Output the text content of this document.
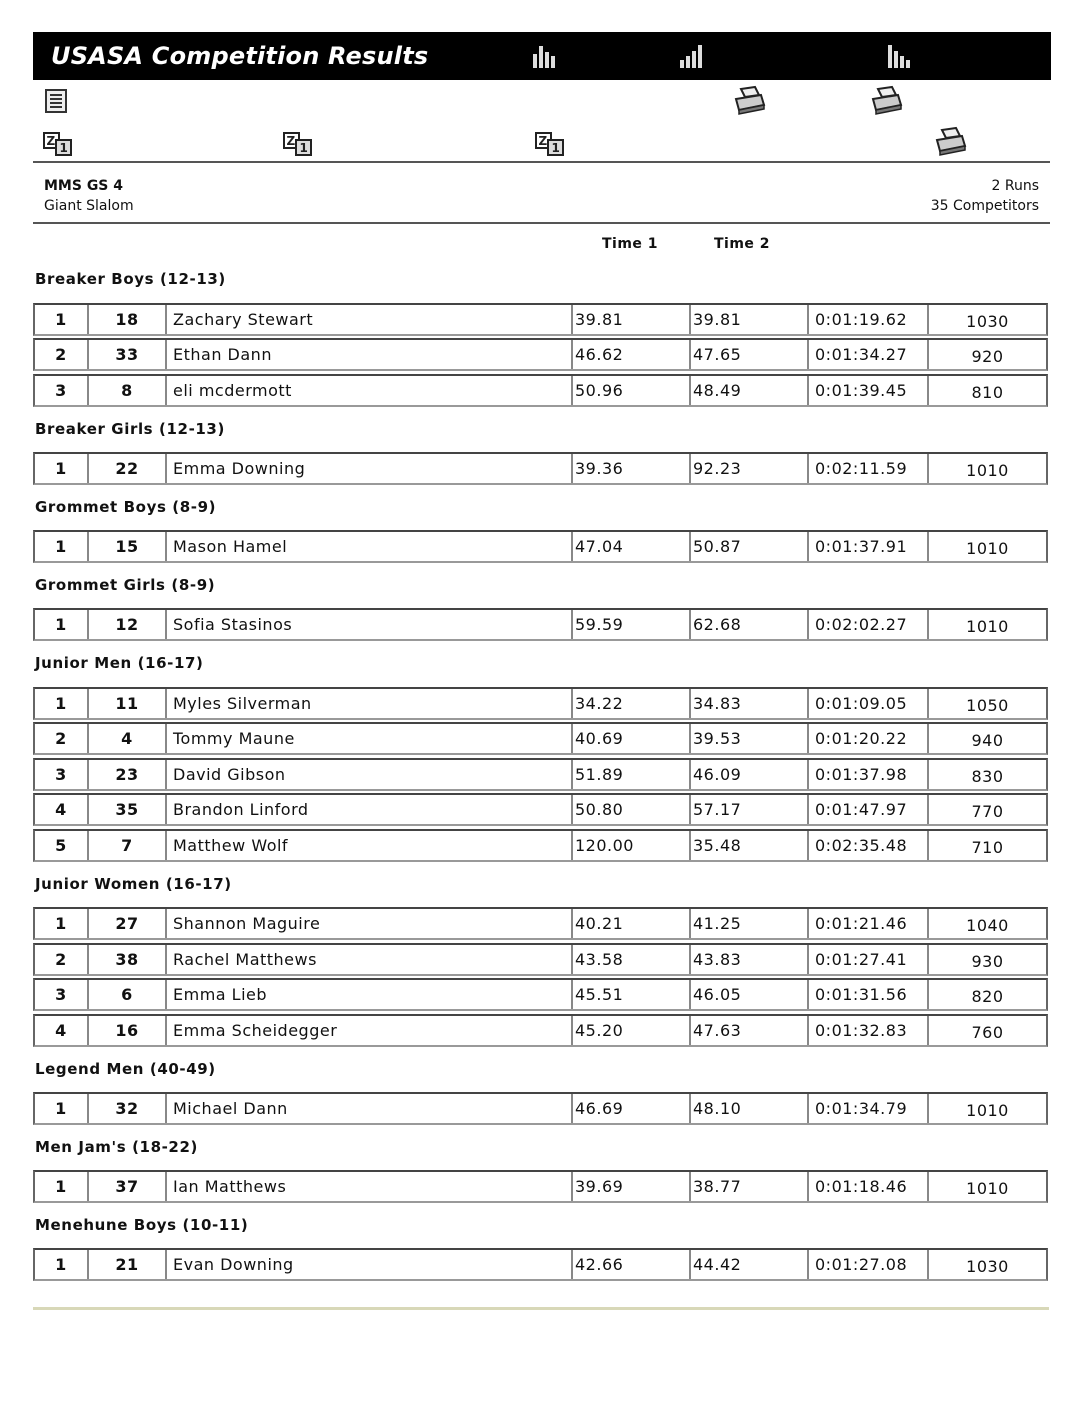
USASA Competition Results
Z 1	Z 1	Z 1
MMS GS 4
Giant Slalom
2 Runs
35 Competitors
Time 1	Time 2
Breaker Boys (12-13)
1	18	Zachary Stewart	39.81	39.81	0:01:19.62	1030
2	33	Ethan Dann	46.62	47.65	0:01:34.27	920
3	8	eli mcdermott	50.96	48.49	0:01:39.45	810
Breaker Girls (12-13)
1	22	Emma Downing	39.36	92.23	0:02:11.59	1010
Grommet Boys (8-9)
1	15	Mason Hamel	47.04	50.87	0:01:37.91	1010
Grommet Girls (8-9)
1	12	Sofia Stasinos	59.59	62.68	0:02:02.27	1010
Junior Men (16-17)
1	11	Myles Silverman	34.22	34.83	0:01:09.05	1050
2	4	Tommy Maune	40.69	39.53	0:01:20.22	940
3	23	David Gibson	51.89	46.09	0:01:37.98	830
4	35	Brandon Linford	50.80	57.17	0:01:47.97	770
5	7	Matthew Wolf	120.00	35.48	0:02:35.48	710
Junior Women (16-17)
1	27	Shannon Maguire	40.21	41.25	0:01:21.46	1040
2	38	Rachel Matthews	43.58	43.83	0:01:27.41	930
3	6	Emma Lieb	45.51	46.05	0:01:31.56	820
4	16	Emma Scheidegger	45.20	47.63	0:01:32.83	760
Legend Men (40-49)
1	32	Michael Dann	46.69	48.10	0:01:34.79	1010
Men Jam's (18-22)
1	37	Ian Matthews	39.69	38.77	0:01:18.46	1010
Menehune Boys (10-11)
1	21	Evan Downing	42.66	44.42	0:01:27.08	1030
